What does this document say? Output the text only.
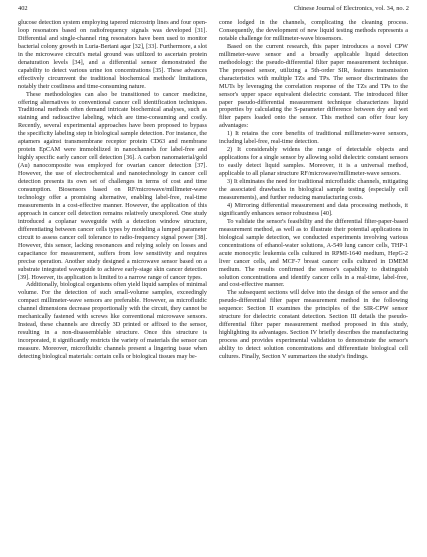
402	Chinese Journal of Electronics, vol. 34, no. 2

glucose detection system employing tapered microstrip lines and four open-loop resonators based on radiofrequency signals was developed [31]. Differential and single-channel ring resonators have been used to monitor bacterial colony growth in Luria-Bertani agar [32], [33]. Furthermore, a slot in the microwave circuit's metal ground was utilized to ascertain protein denaturation levels [34], and a differential sensor demonstrated the capability to detect various urine ion concentrations [35]. These advances effectively circumvent the traditional biochemical methods' limitations, notably their costliness and time-consuming nature.

These methodologies can also be transitioned to cancer medicine, offering alternatives to conventional cancer cell identification techniques. Traditional methods often demand intricate biochemical analyses, such as staining and radioactive labeling, which are time-consuming and costly. Recently, several experimental approaches have been proposed to bypass the specificity labeling step in biological sample detection. For instance, the aptamers against transmembrane receptor protein CD63 and membrane protein EpCAM were immobilized in nanochannels for label-free and highly specific early cancer cell detection [36]. A carbon nanomaterial/gold (Au) nanocomposite was employed for ovarian cancer detection [37]. However, the use of electrochemical and nanotechnology in cancer cell detection presents its own set of challenges in terms of cost and time consumption. Biosensors based on RF/microwave/millimeter-wave technology offer a promising alternative, enabling label-free, real-time measurements in a cost-effective manner. However, the application of this approach in cancer cell detection remains relatively unexplored. One study introduced a coplanar waveguide with a detection window structure, differentiating between cancer cells types by modeling a lumped parameter circuit to assess cancer cell tolerance to radio-frequency signal power [38]. However, this sensor, lacking resonances and relying solely on losses and capacitance for measurement, suffers from low sensitivity and requires precise operation. Another study designed a microwave sensor based on a substrate integrated waveguide to achieve early-stage skin cancer detection [39]. However, its application is limited to a narrow range of cancer types.

Additionally, biological organisms often yield liquid samples of minimal volume. For the detection of such small-volume samples, exceedingly compact millimeter-wave sensors are preferable. However, as microfluidic channel dimensions decrease proportionally with the circuit, they cannot be mechanically fastened with screws like conventional microwave sensors. Instead, these channels are directly 3D printed or affixed to the sensor, resulting in a non-disassemblable structure. Once this structure is incorporated, it significantly restricts the variety of materials the sensor can measure. Moreover, microfluidic channels present a lingering issue when detecting biological materials: certain cells or biological tissues may be-

come lodged in the channels, complicating the cleaning process. Consequently, the development of new liquid testing methods represents a notable challenge for millimeter-wave biosensors.

Based on the current research, this paper introduces a novel CPW millimeter-wave sensor and a broadly applicable liquid detection methodology: the pseudo-differential filter paper measurement technique. The proposed sensor, utilizing a 5th-order SIR, features transmission characteristics with multiple TZs and TPs. The sensor discriminates the MUTs by leveraging the correlation response of the TZs and TPs to the sensor's upper space equivalent dielectric constant. The introduced filter paper pseudo-differential measurement technique characterizes liquid properties by calculating the S-parameter difference between dry and wet filter papers loaded onto the sensor. This method can offer four key advantages:

1) It retains the core benefits of traditional millimeter-wave sensors, including label-free, real-time detection.

2) It considerably widens the range of detectable objects and applications for a single sensor by allowing solid dielectric constant sensors to easily detect liquid samples. Moreover, it is a universal method, applicable to all planar structure RF/microwave/millimeter-wave sensors.

3) It eliminates the need for traditional microfluidic channels, mitigating the associated drawbacks in biological sample testing (especially cell measurements), and further reducing manufacturing costs.

4) Mirroring differential measurement and data processing methods, it significantly enhances sensor robustness [40].

To validate the sensor's feasibility and the differential filter-paper-based measurement method, as well as to illustrate their potential applications in biological sample detection, we conducted experiments involving various concentrations of ethanol-water solutions, A-549 lung cancer cells, THP-1 acute monocytic leukemia cells cultured in RPMI-1640 medium, HepG-2 liver cancer cells, and MCF-7 breast cancer cells cultured in DMEM medium. The results confirmed the sensor's capability to distinguish solution concentrations and identify cancer cells in a real-time, label-free, and cost-effective manner.

The subsequent sections will delve into the design of the sensor and the pseudo-differential filter paper measurement method in the following sequence: Section II examines the principles of the SIR-CPW sensor structure for dielectric constant detection. Section III details the pseudo-differential filter paper measurement method proposed in this study, highlighting its advantages. Section IV briefly describes the manufacturing process and provides experimental validation to demonstrate the sensor's ability to detect solution concentrations and differentiate biological cell cultures. Finally, Section V summarizes the study's findings.
